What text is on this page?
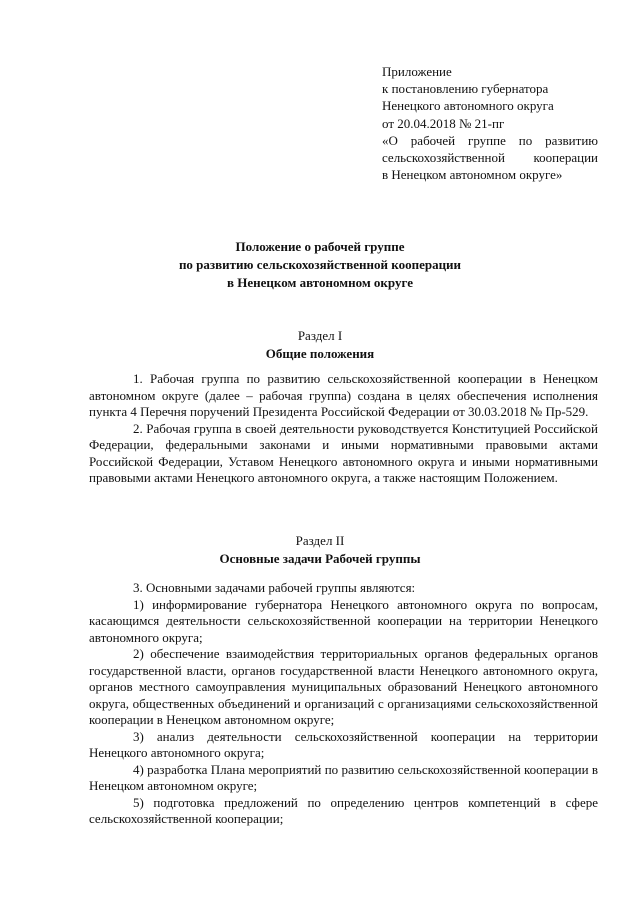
Приложение
к постановлению губернатора
Ненецкого автономного округа
от 20.04.2018 № 21-пг
«О рабочей группе по развитию
сельскохозяйственной кооперации
в Ненецком автономном округе»
Положение о рабочей группе
по развитию сельскохозяйственной кооперации
в Ненецком автономном округе
Раздел I
Общие положения

1. Рабочая группа по развитию сельскохозяйственной кооперации в Ненецком автономном округе (далее – рабочая группа) создана в целях обеспечения исполнения пункта 4 Перечня поручений Президента Российской Федерации от 30.03.2018 № Пр-529.

2. Рабочая группа в своей деятельности руководствуется Конституцией Российской Федерации, федеральными законами и иными нормативными правовыми актами Российской Федерации, Уставом Ненецкого автономного округа и иными нормативными правовыми актами Ненецкого автономного округа, а также настоящим Положением.

Раздел II
Основные задачи Рабочей группы

3. Основными задачами рабочей группы являются:

1) информирование губернатора Ненецкого автономного округа по вопросам, касающимся деятельности сельскохозяйственной кооперации на территории Ненецкого автономного округа;

2) обеспечение взаимодействия территориальных органов федеральных органов государственной власти, органов государственной власти Ненецкого автономного округа, органов местного самоуправления муниципальных образований Ненецкого автономного округа, общественных объединений и организаций с организациями сельскохозяйственной кооперации в Ненецком автономном округе;

3) анализ деятельности сельскохозяйственной кооперации на территории Ненецкого автономного округа;

4) разработка Плана мероприятий по развитию сельскохозяйственной кооперации в Ненецком автономном округе;

5) подготовка предложений по определению центров компетенций в сфере сельскохозяйственной кооперации;
